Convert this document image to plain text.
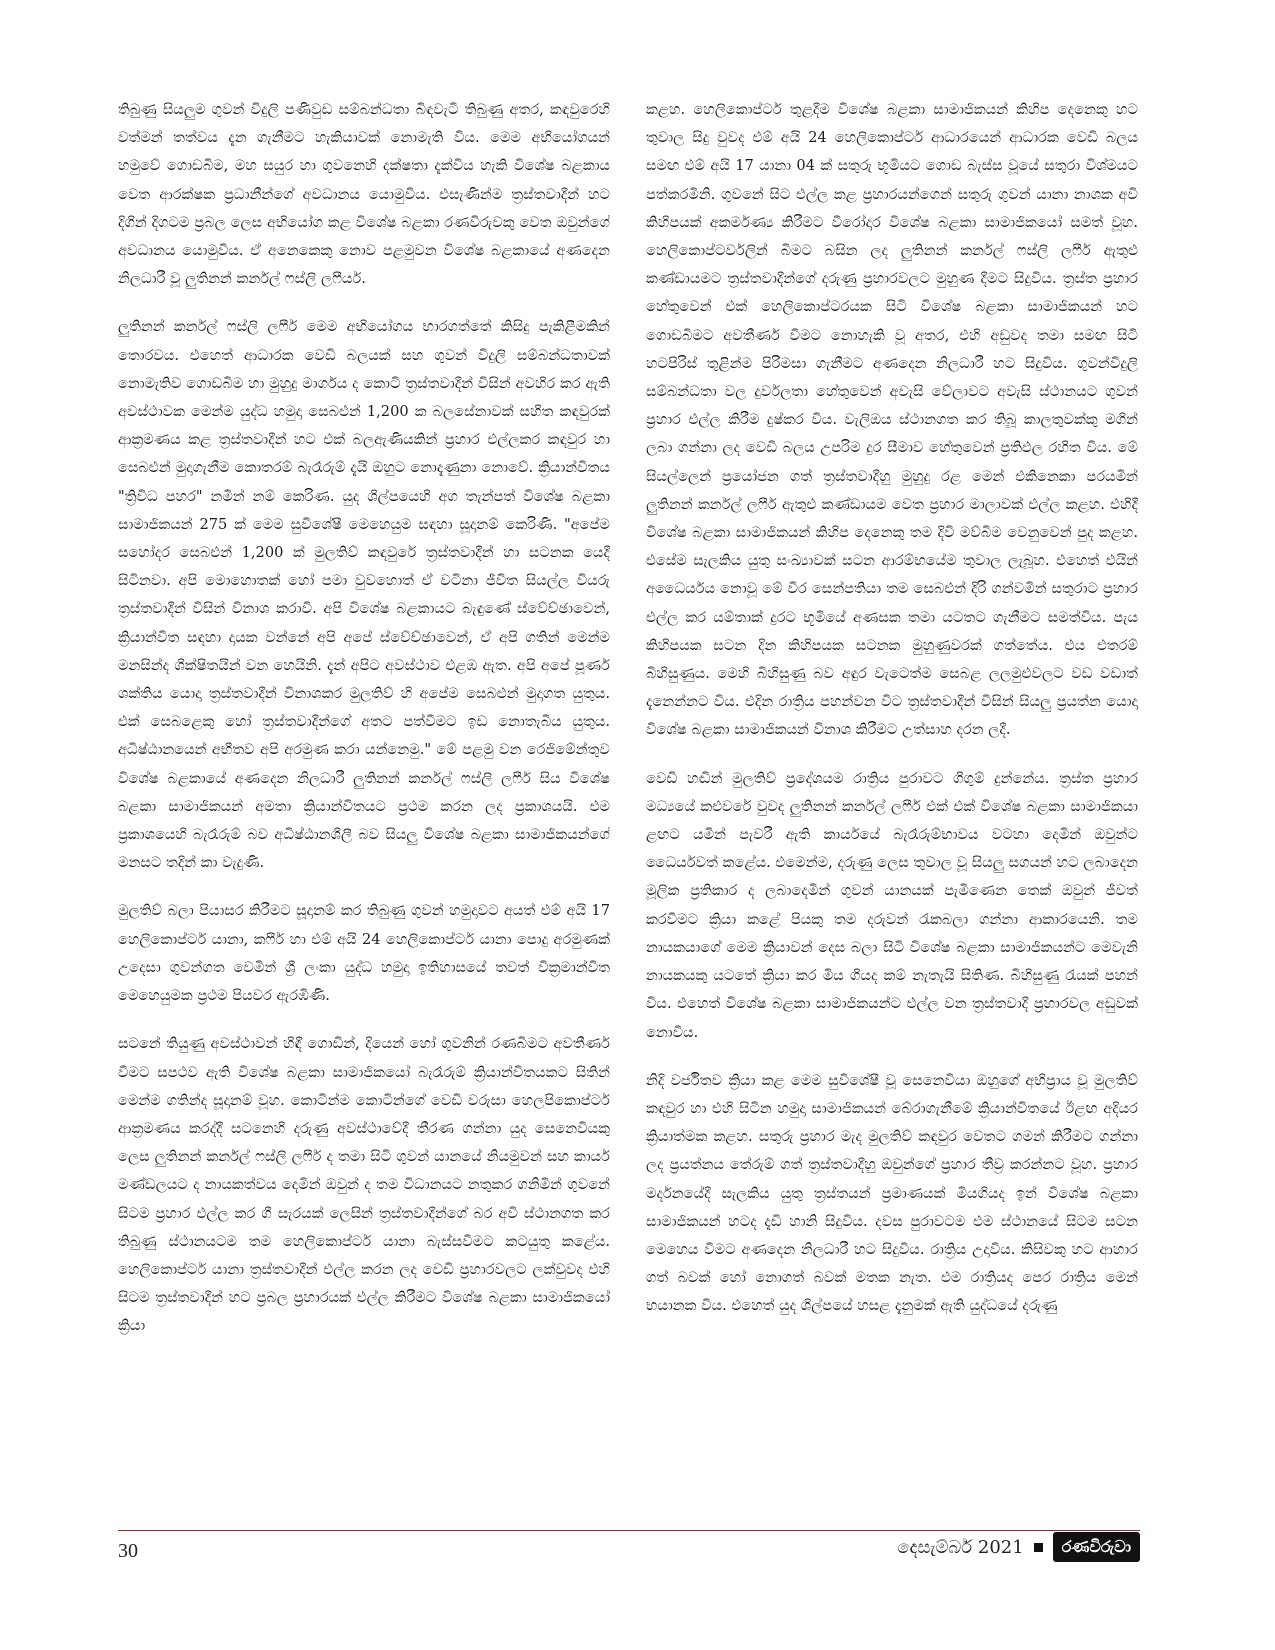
තිබුණු සියලුම ගුවන් විදුලි පණිවුඩ සම්බන්ධතා බිඳවැටී තිබුණු අතර, කඳවුරෙහි වත්මන් තත්වය දැන ගැනීමට හැකියාවක් නොමැති විය. මෙම අභියෝගයන් හමුවේ ගොඩබිම, මහ සයුර හා ගුවනෙහි දක්ෂතා දැක්විය හැකි විශේෂ බළකාය වෙත ආරක්ෂක ප්‍රධානීන්ගේ අවධානය යොමුවිය. එසැණින්ම ත්‍රස්තවාදීන් හට දිගින් දිගටම ප්‍රබල ලෙස අභියෝග කළ විශේෂ බළකා රණවිරුවකු වෙත ඔවුන්ගේ අවධානය යොමුවිය. ඒ අනෙකෙකු නොව පළමුවන විශේෂ බළකායේ අණදෙන නිලධාරී වූ ලුතිනන් කර්නල් ෆස්ලි ලෆීර්ය.

ලුතිනන් කර්නල් ෆස්ලි ලෆීර් මෙම අභියෝගය භාරගත්තේ කිසිදු පැකිළීමකින් තොරවය. එහෙත් ආධාරක වෙඩි බලයක් සහ ගුවන් විදුලි සම්බන්ධතාවක් නොමැතිව ගොඩබිම හා මුහුදු මාර්ගය ද කොටි ත්‍රස්තවාදීන් විසින් අවහිර කර ඇති අවස්ථාවක මෙන්ම යුද්ධ හමුදා සෙබළුන් 1,200 ක බලසේනාවක් සහිත කඳවුරක් ආක්‍රමණය කළ ත්‍රස්තවාදීන් හට එක් බලඇණියකින් ප්‍රහාර එල්ලකර කඳවුර හා සෙබළුන් මුදාගැනීම කොතරම් බැරෑරුම් දැයි ඔහුට නොදැණුනා නොවේ. ක්‍රියාන්විතය "ත්‍රිවිධ පහර" නමින් නම් කෙරිණ. යුද ශිල්පයෙහි අග තැන්පත් විශේෂ බළකා සාමාජිකයන් 275 ක් මෙම සුවිශේෂී මෙහෙයුම සඳහා සූදානම් කෙරිණි. "අපේම සහෝදර සෙබළුන් 1,200 ක් මුලතිව් කඳවුරේ ත්‍රස්තවාදීන් හා සටනක යෙදී සිටිනවා. අපි මොහොතක් හෝ පමා වුවහොත් ඒ වටිනා ජීවිත සියල්ල වියරු ත්‍රස්තවාදීන් විසින් විනාශ කරාවි. අපි විශේෂ බළකායට බැඳුණේ ස්වේච්ඡාවෙන්, ක්‍රියාන්විත සඳහා දායක වන්නේ අපි අපේ ස්වේච්ඡාවෙන්, ඒ අපි ගතින් මෙන්ම මනසින්ද ශික්ෂිතයින් වන හෙයිනි. දැන් අපිට අවස්ථාව එළඹ ඇත. අපි අපේ පූර්ණ ශක්තිය යොදා ත්‍රස්තවාදීන් විනාශකර මුලතිව් හි අපේම සෙබළුන් මුදාගත යුතුය. එක් සෙබළෙකු හෝ ත්‍රස්තවාදීන්ගේ අතට පත්වීමට ඉඩ නොතැබිය යුතුය. අධිෂ්ඨානයෙන් අභීතව අපි අරමුණ කරා යන්නෙමු." මේ පළමු වන රෙජිමේන්තුව විශේෂ බළකායේ අණදෙන නිලධාරී ලුතිනන් කර්නල් ෆස්ලි ලෆීර් සිය විශේෂ බළකා සාමාජිකයන් අමතා ක්‍රියාන්විතයට ප්‍රථම කරන ලද ප්‍රකාශයයි. එම ප්‍රකාශයෙහි බැරෑරුම් බව අධිෂ්ඨානශීලී බව සියලු විශේෂ බළකා සාමාජිකයන්ගේ මනසට තදින් කා වැදුණි.

මුලතිව් බලා පියාසර කිරීමට සූදානම් කර තිබුණු ගුවන් හමුදාවට අයත් එම් අයි 17 හෙලිකොප්ටර් යානා, කෆීර් හා එම් අයි 24 හෙලිකොප්ටර් යානා පොදු අරමුණක් උදෙසා ගුවන්ගත වෙමින් ශ්‍රී ලංකා යුද්ධ හමුදා ඉතිහාසයේ තවත් වික්‍රමාන්විත මෙහෙයුමක ප්‍රථම පියවර ඇරඹිණි.

සටනේ තියුණු අවස්ථාවන් හිඳී ගොඩින්, දියෙන් හෝ ගුවනින් රණබිමට අවතීර්ණ වීමට සපථව ඇති විශේෂ බළකා සාමාජිකයෝ බැරෑරුම් ක්‍රියාන්විතයකට සිතින් මෙන්ම ගතින්ද සූදානම් වූහ. කොටින්ම කොටින්ගේ වෙඩි වරුසා හෙලපිකොප්ටර් ආක්‍රමණය කරද්දී සටනෙහි දරුණු අවස්ථාවේදී තීරණ ගන්නා යුද සෙනෙවියකු ලෙස ලුතිනන් කර්නල් ෆස්ලි ලෆීර් ද තමා සිටි ගුවන් යානයේ නියමුවන් සහ කාර්ය මණ්ඩලයට ද නායකත්වය දෙමින් ඔවුන් ද තම විධානයට නතුකර ගනිමින් ගුවනේ සිටම ප්‍රහාර එල්ල කර ගී සැරයක් ලෙසින් ත්‍රස්තවාදීන්ගේ බර අවි ස්ථානගත කර තිබුණු ස්ථානයටම තම හෙලිකොප්ටර් යානා බැස්සවීමට කටයුතු කළේය. හෙලිකොප්ටර් යානා ත්‍රස්තවාදීන් එල්ල කරන ලද වෙඩි ප්‍රහාරවලට ලක්වුවද එහි සිටම ත්‍රස්තවාදීන් හට ප්‍රබල ප්‍රහාරයක් එල්ල කිරීමට විශේෂ බළකා සාමාජිකයෝ ක්‍රියා

කළහ. හෙලිකොප්ටර් තුළදීම විශේෂ බළකා සාමාජිකයන් කිහිප දෙනෙකු හට තුවාල සිදු වුවද එම් අයි 24 හෙලිකොප්ටර් ආධාරයෙන් ආධාරක වෙඩි බලය සමඟ එම් අයි 17 යානා 04 ක් සතුරු භූමියට ගොඩ බැස්ස වූයේ සතුරා විශ්මයට පත්කරමිනි. ගුවනේ සිට එල්ල කළ ප්‍රහාරයන්ගෙන් සතුරු ගුවන් යානා නාශක අවි කිහිපයක් අකර්මණ්‍ය කිරීමට වීරෝදාර විශේෂ බළකා සාමාජිකයෝ සමත් වූහ. හෙලිකොප්ටර්වලින් බිමට බසින ලද ලුතිනන් කර්නල් ෆස්ලි ලෆීර් ඇතුළු කණ්ඩායමට ත්‍රස්තවාදීන්ගේ දරුණු ප්‍රහාරවලට මුහුණ දීමට සිදුවිය. ත්‍රස්ත ප්‍රහාර හේතුවෙන් එක් හෙලිකොප්ටරයක සිටි විශේෂ බළකා සාමාජිකයන් හට ගොඩබිමට අවතීර්ණ වීමට නොහැකි වූ අතර, එහි අඩුවද තමා සමඟ සිටි හටපිරිස් තුළින්ම පිරිමසා ගැනීමට අණදෙන නිලධාරී හට සිදුවිය. ගුවන්විදුලි සම්බන්ධතා වල දුර්වලතා හේතුවෙන් අවැසි වේලාවට අවැසි ස්ථානයට ගුවන් ප්‍රහාර එල්ල කිරීම දුෂ්කර විය. වැලිඔය ස්ථානගත කර තිබූ කාලතුවක්කු මගින් ලබා ගන්නා ලද වෙඩි බලය උපරිම දුර සීමාව හේතුවෙන් ප්‍රතිඵල රහිත විය. මේ සියල්ලෙන් ප්‍රයෝජන ගත් ත්‍රස්තවාදීහු මුහුදු රළ මෙන් එකිනෙකා පරයමින් ලුතිනන් කර්නල් ලෆීර් ඇතුළු කණ්ඩායම වෙත ප්‍රහාර මාලාවක් එල්ල කළහ. එහිදී විශේෂ බළකා සාමාජිකයන් කිහිප දෙනෙකු තම දිවි මව්බිම වෙනුවෙන් පුද කළහ. එසේම සැලකිය යුතු සංඛ්‍යාවක් සටන ආරම්භයේම තුවාල ලැබූහ. එහෙත් එයින් අධෛර්යය නොවූ මේ වීර සෙන්පතියා තම සෙබළුන් දිරි ගන්වමින් සතුරාට ප්‍රහාර එල්ල කර යම්තාක් දුරට භූමියේ අණසක තමා යටතට ගැනීමට සමත්විය. පැය කිහිපයක සටන දින කිහිපයක සටනක මුහුණුවරක් ගත්තේය. එය එතරම් බිහිසුණුය. මෙහි බිහිසුණු බව අඳුර වැටෙත්ම සෙබළ ලලමුළුවලට වඩ වඩාත් දැනෙන්නට විය. එදින රාත්‍රිය පහන්වන විට ත්‍රස්තවාදීන් විසින් සියලු ප්‍රයත්න යොදා විශේෂ බළකා සාමාජිකයන් විනාශ කිරීමට උත්සාහ දරන ලදී.

වෙඩි හඬින් මුලතිව් ප්‍රදේශයම රාත්‍රිය පුරාවට ගිගුම් දුන්නේය. ත්‍රස්ත ප්‍රහාර මධ්‍යයේ කළුවරේ වුවද ලුතිනන් කර්නල් ලෆීර් එක් එක් විශේෂ බළකා සාමාජිකයා ළඟට යමින් පැවරී ඇති කාර්යයේ බැරෑරුම්භාවය වටහා දෙමින් ඔවුන්ට ධෛර්යවත් කළේය. එමෙන්ම, දරුණු ලෙස තුවාල වූ සියලු සගයන් හට ලබාදෙන මූලික ප්‍රතිකාර ද ලබාදෙමින් ගුවන් යානයක් පැමිණෙන තෙක් ඔවුන් ජීවත් කරවීමට ක්‍රියා කළේ පියකු තම දරුවන් රැකබලා ගන්නා ආකාරයෙනි. තම නායකයාගේ මෙම ක්‍රියාවන් දෙස බලා සිටි විශේෂ බළකා සාමාජිකයන්ට මෙවැනි නායකයකු යටතේ ක්‍රියා කර මිය ගියද කම් නැතැයි සිතිණ. බිහිසුණු රැයක් පහන් විය. එහෙත් විශේෂ බළකා සාමාජිකයන්ට එල්ල වන ත්‍රස්තවාදී ප්‍රහාරවල අඩුවක් නොවීය.

නිදි වර්ජිතව ක්‍රියා කළ මෙම සුවිශේෂී වූ සෙනෙවියා ඔහුගේ අභිප්‍රාය වූ මුලතිව් කඳවුර හා එහි සිටින හමුදා සාමාජිකයන් බේරාගැනීමේ ක්‍රියාන්විතයේ ඊළඟ අදියර ක්‍රියාත්මක කළහ. සතුරු ප්‍රහාර මැද මුලතිව් කඳවුර වෙතට ගමන් කිරීමට ගන්නා ලද ප්‍රයත්නය තේරුම් ගත් ත්‍රස්තවාදීහු ඔවුන්ගේ ප්‍රහාර තීව්‍ර කරන්නට වූහ. ප්‍රහාර මර්දනයේදී සැලකිය යුතු ත්‍රස්තයන් ප්‍රමාණයක් මියගියද ඉන් විශේෂ බළකා සාමාජිකයන් හටද දැඩි හානි සිදුවිය. දවස පුරාවටම එම ස්ථානයේ සිටම සටන මෙහෙය වීමට අණදෙන නිලධාරී හට සිදුවිය. රාත්‍රිය උදාවිය. කිසිවකු හට ආහාර ගත් බවක් හෝ නොගත් බවක් මතක නැත. එම රාත්‍රියද පෙර රාත්‍රිය මෙන් භයානක විය. එහෙත් යුද ශිල්පයේ හසළ දැනුමක් ඇති යුද්ධයේ දරුණු

30	දෙසැම්බර් 2021	රණවිරුවා
